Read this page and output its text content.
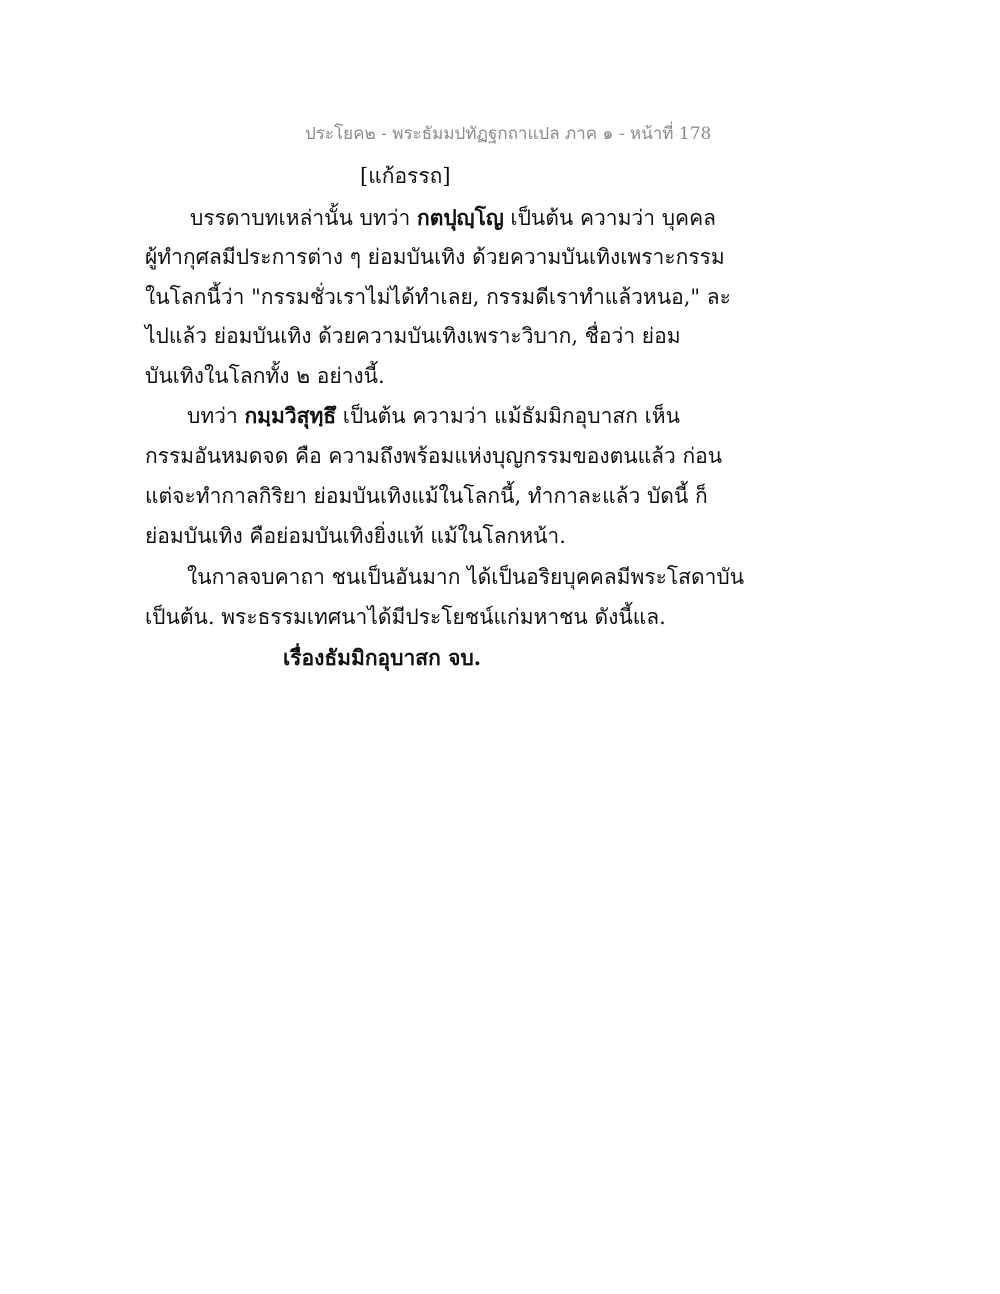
ประโยค๒ - พระธัมมปทัฏฐกถาแปล ภาค ๑ - หน้าที่ 178
[แก้อรรถ]
บรรดาบทเหล่านั้น บทว่า กตปุญฺโญ เป็นต้น ความว่า บุคคล
ผู้ทำกุศลมีประการต่าง ๆ ย่อมบันเทิง ด้วยความบันเทิงเพราะกรรม
ในโลกนี้ว่า "กรรมชั่วเราไม่ได้ทำเลย, กรรมดีเราทำแล้วหนอ," ละ
ไปแล้ว ย่อมบันเทิง ด้วยความบันเทิงเพราะวิบาก, ชื่อว่า ย่อม
บันเทิงในโลกทั้ง ๒ อย่างนี้.
บทว่า กมฺมวิสุทฺธึ เป็นต้น ความว่า แม้ธัมมิกอุบาสก เห็น
กรรมอันหมดจด คือ ความถึงพร้อมแห่งบุญกรรมของตนแล้ว ก่อน
แต่จะทำกาลกิริยา ย่อมบันเทิงแม้ในโลกนี้, ทำกาละแล้ว บัดนี้ ก็
ย่อมบันเทิง คือย่อมบันเทิงยิ่งแท้ แม้ในโลกหน้า.
ในกาลจบคาถา ชนเป็นอันมาก ได้เป็นอริยบุคคลมีพระโสดาบัน
เป็นต้น. พระธรรมเทศนาได้มีประโยชน์แก่มหาชน ดังนี้แล.
เรื่องธัมมิกอุบาสก จบ.
